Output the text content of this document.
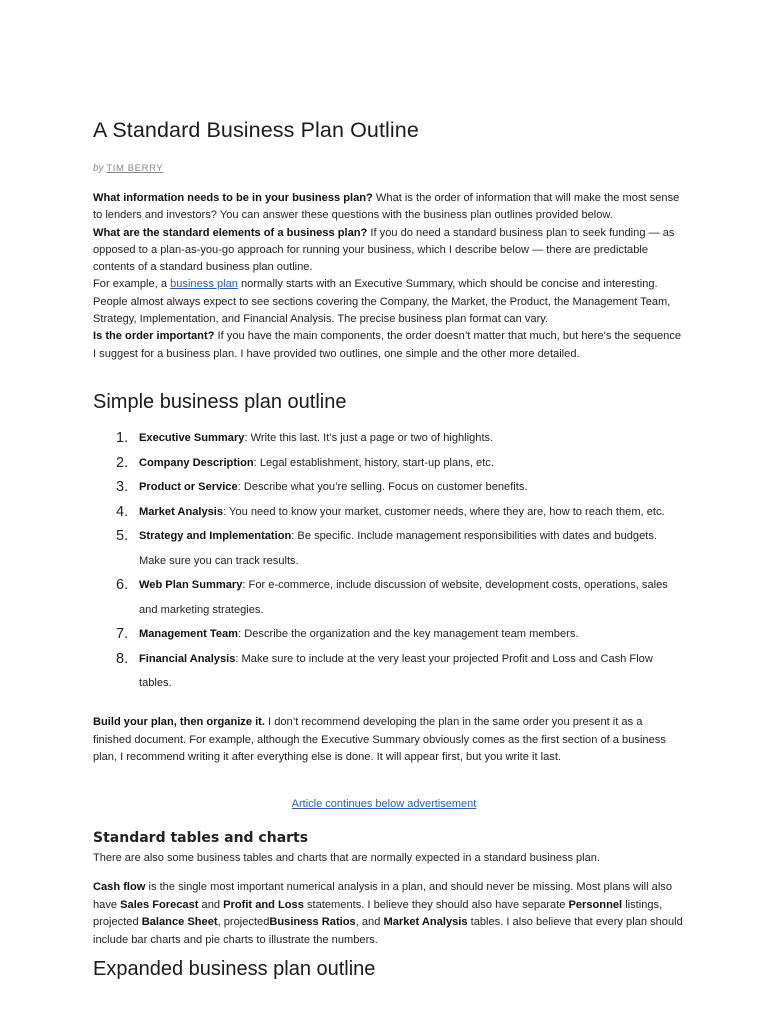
A Standard Business Plan Outline

by TIM BERRY

What information needs to be in your business plan? What is the order of information that will make the most sense to lenders and investors? You can answer these questions with the business plan outlines provided below.

What are the standard elements of a business plan? If you do need a standard business plan to seek funding — as opposed to a plan-as-you-go approach for running your business, which I describe below — there are predictable contents of a standard business plan outline.

For example, a business plan normally starts with an Executive Summary, which should be concise and interesting. People almost always expect to see sections covering the Company, the Market, the Product, the Management Team, Strategy, Implementation, and Financial Analysis. The precise business plan format can vary.

Is the order important? If you have the main components, the order doesn’t matter that much, but here’s the sequence I suggest for a business plan. I have provided two outlines, one simple and the other more detailed.

Simple business plan outline
1. Executive Summary: Write this last. It’s just a page or two of highlights.
2. Company Description: Legal establishment, history, start-up plans, etc.
3. Product or Service: Describe what you’re selling. Focus on customer benefits.
4. Market Analysis: You need to know your market, customer needs, where they are, how to reach them, etc.
5. Strategy and Implementation: Be specific. Include management responsibilities with dates and budgets. Make sure you can track results.
6. Web Plan Summary: For e-commerce, include discussion of website, development costs, operations, sales and marketing strategies.
7. Management Team: Describe the organization and the key management team members.
8. Financial Analysis: Make sure to include at the very least your projected Profit and Loss and Cash Flow tables.

Build your plan, then organize it. I don’t recommend developing the plan in the same order you present it as a finished document. For example, although the Executive Summary obviously comes as the first section of a business plan, I recommend writing it after everything else is done. It will appear first, but you write it last.

Article continues below advertisement
Standard tables and charts

There are also some business tables and charts that are normally expected in a standard business plan.

Cash flow is the single most important numerical analysis in a plan, and should never be missing. Most plans will also have Sales Forecast and Profit and Loss statements. I believe they should also have separate Personnel listings, projected Balance Sheet, projectedBusiness Ratios, and Market Analysis tables. I also believe that every plan should include bar charts and pie charts to illustrate the numbers.

Expanded business plan outline
